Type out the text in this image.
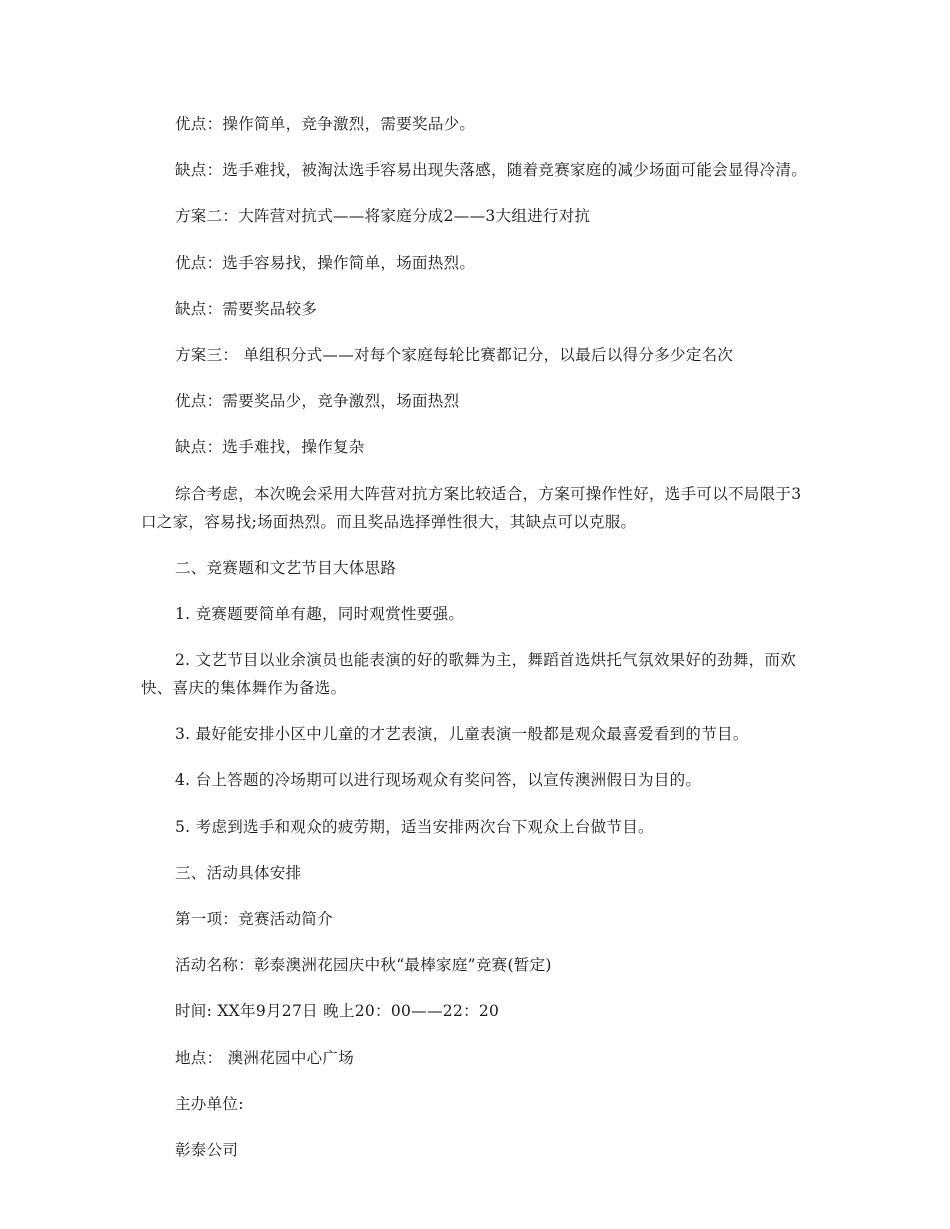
优点：操作简单，竞争激烈，需要奖品少。

缺点：选手难找，被淘汰选手容易出现失落感，随着竞赛家庭的减少场面可能会显得冷清。

方案二：大阵营对抗式——将家庭分成2——3大组进行对抗

优点：选手容易找，操作简单，场面热烈。

缺点：需要奖品较多

方案三： 单组积分式——对每个家庭每轮比赛都记分，以最后以得分多少定名次

优点：需要奖品少，竞争激烈，场面热烈

缺点：选手难找，操作复杂

综合考虑，本次晚会采用大阵营对抗方案比较适合，方案可操作性好，选手可以不局限于3口之家，容易找;场面热烈。而且奖品选择弹性很大，其缺点可以克服。

二、竞赛题和文艺节目大体思路

1. 竞赛题要简单有趣，同时观赏性要强。

2. 文艺节目以业余演员也能表演的好的歌舞为主，舞蹈首选烘托气氛效果好的劲舞，而欢快、喜庆的集体舞作为备选。

3. 最好能安排小区中儿童的才艺表演，儿童表演一般都是观众最喜爱看到的节目。

4. 台上答题的冷场期可以进行现场观众有奖问答，以宣传澳洲假日为目的。

5. 考虑到选手和观众的疲劳期，适当安排两次台下观众上台做节目。

三、活动具体安排

第一项：竞赛活动简介

活动名称：彰泰澳洲花园庆中秋“最棒家庭”竞赛(暂定)

时间: XX年9月27日 晚上20：00——22：20

地点： 澳洲花园中心广场

主办单位:

彰泰公司
